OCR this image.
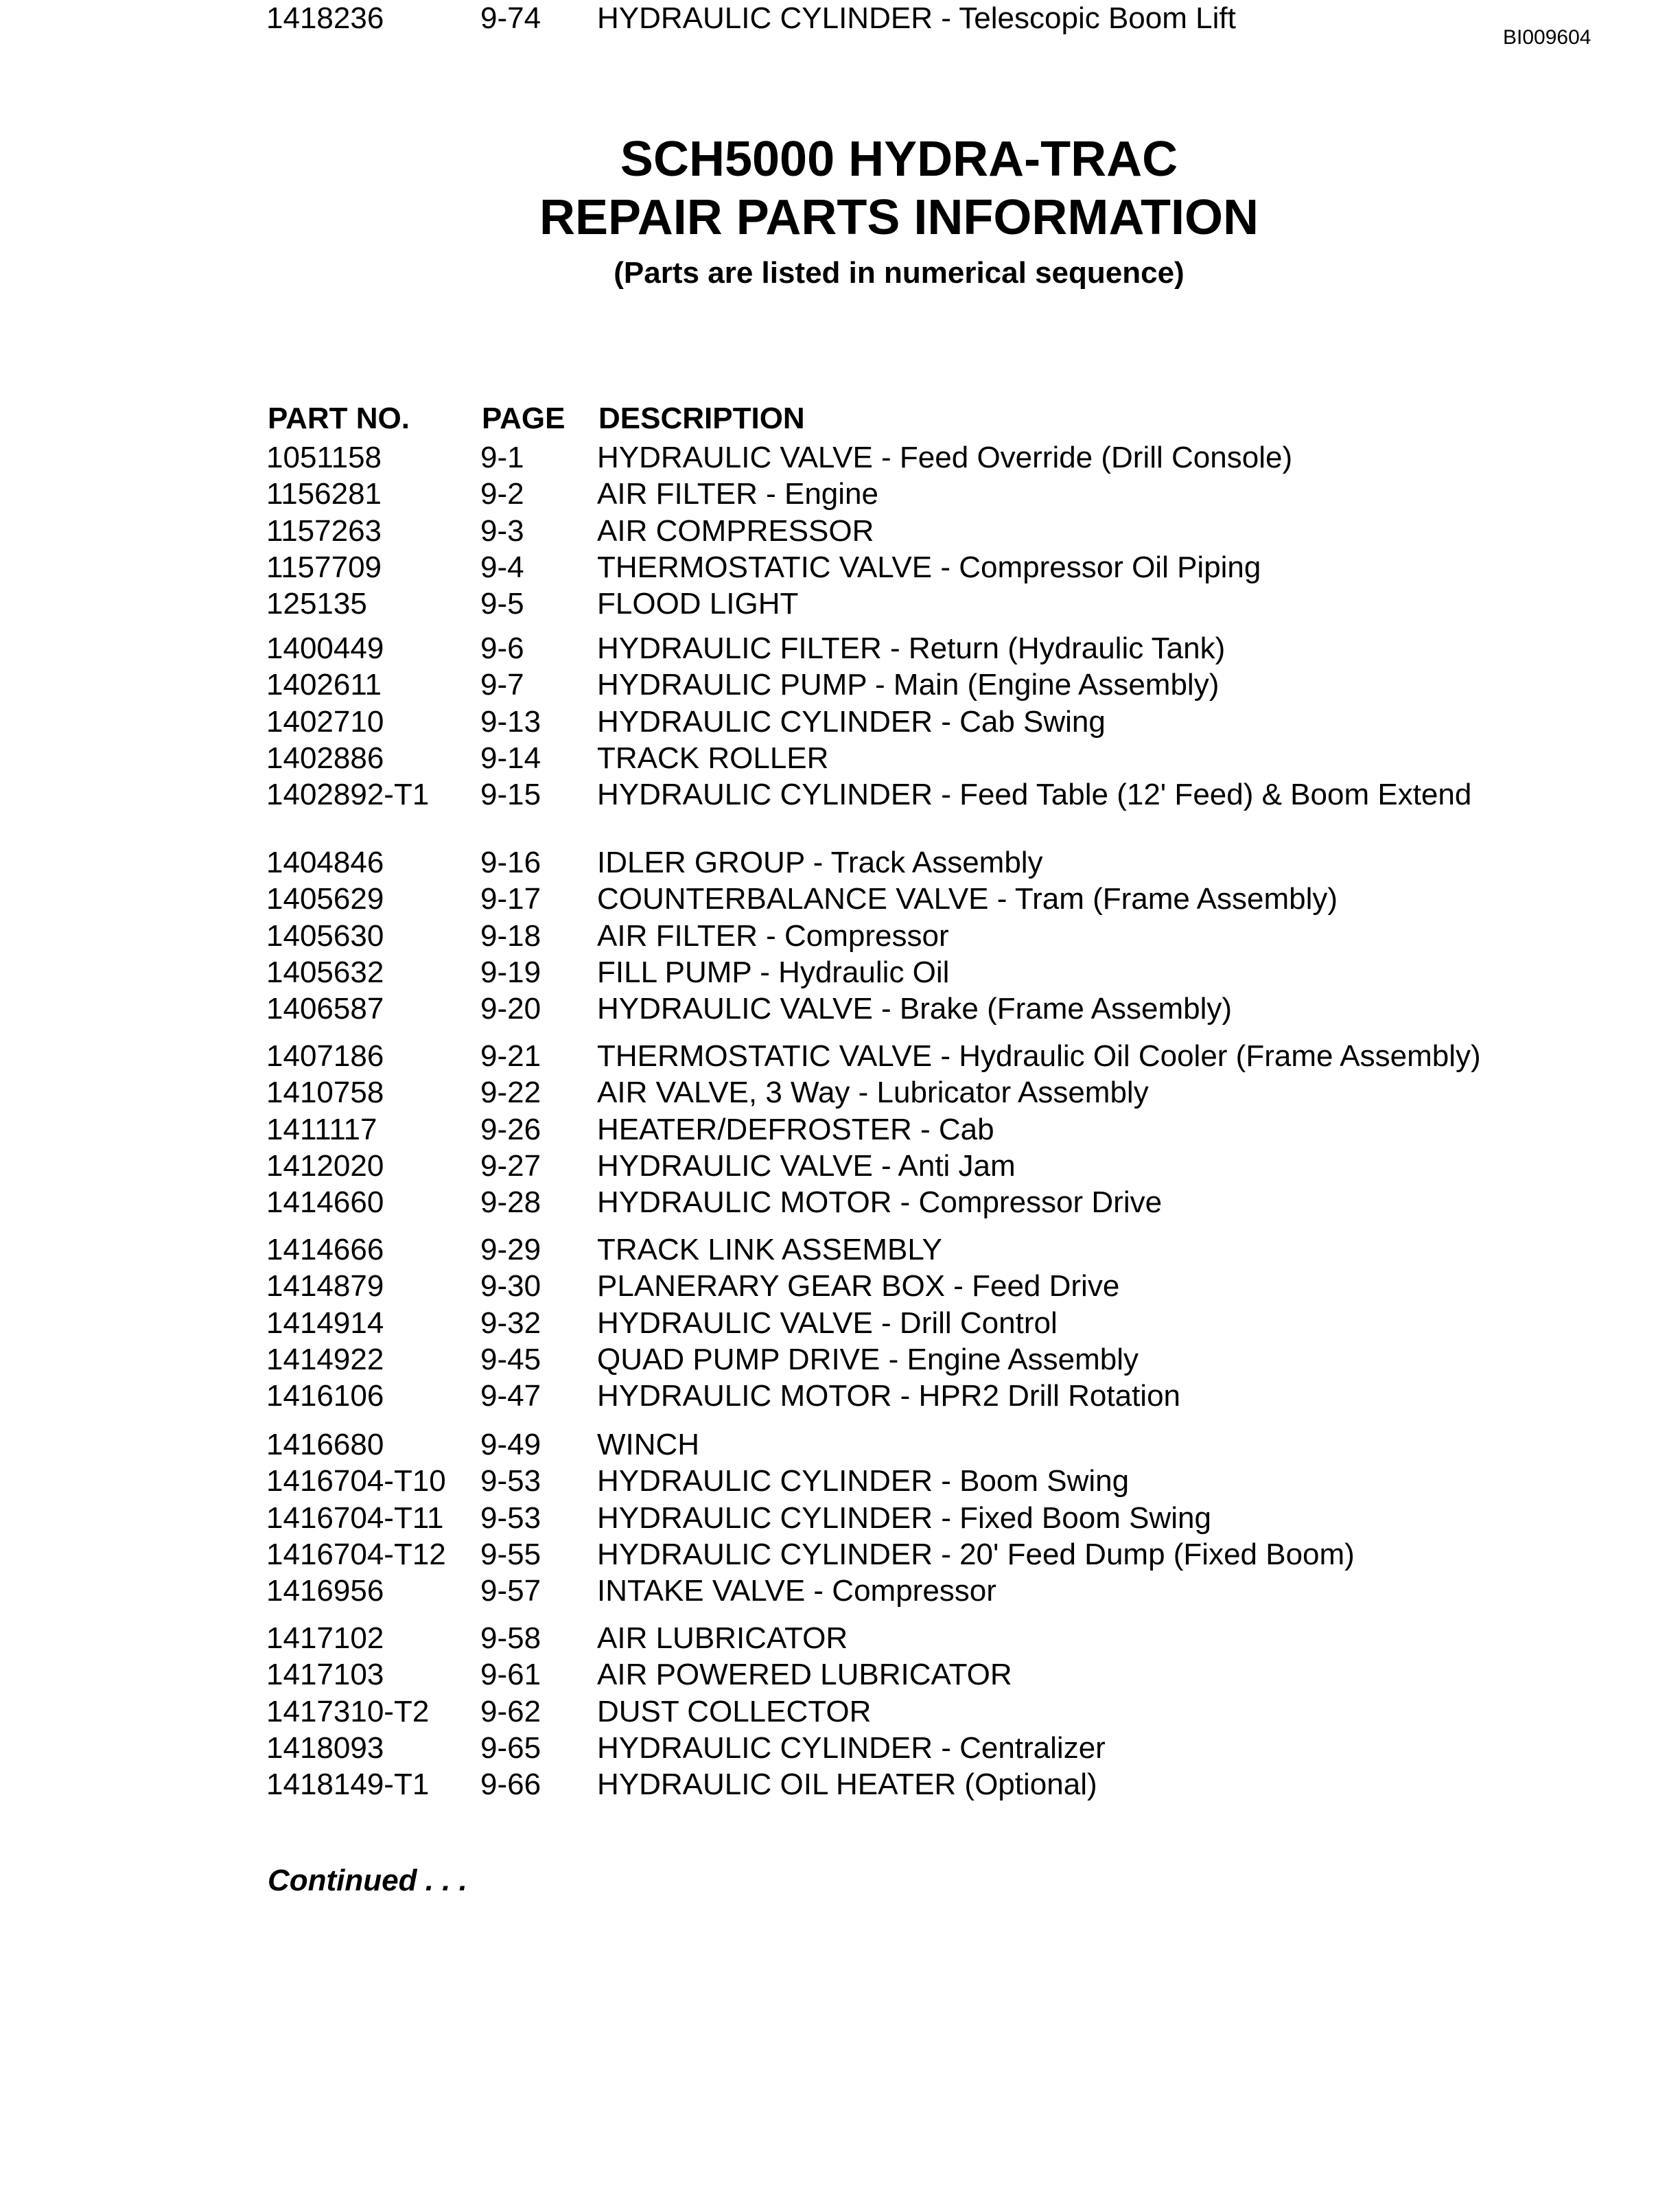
BI009604
SCH5000 HYDRA-TRAC
REPAIR PARTS INFORMATION
(Parts are listed in numerical sequence)
PART NO. PAGE DESCRIPTION
1051158	9-1 HYDRAULIC VALVE - Feed Override (Drill Console)
1156281	9-2 AIR FILTER - Engine
1157263	9-3 AIR COMPRESSOR
1157709	9-4 THERMOSTATIC VALVE - Compressor Oil Piping
125135	9-5 FLOOD LIGHT
1400449	9-6 HYDRAULIC FILTER - Return (Hydraulic Tank)
1402611	9-7 HYDRAULIC PUMP - Main (Engine Assembly)
1402710	9-13 HYDRAULIC CYLINDER - Cab Swing
1402886	9-14 TRACK ROLLER
1402892-T1 9-15 HYDRAULIC CYLINDER - Feed Table (12' Feed) & Boom Extend
1404846	9-16 IDLER GROUP - Track Assembly
1405629	9-17 COUNTERBALANCE VALVE - Tram (Frame Assembly)
1405630	9-18 AIR FILTER - Compressor
1405632	9-19 FILL PUMP - Hydraulic Oil
1406587	9-20 HYDRAULIC VALVE - Brake (Frame Assembly)
1407186	9-21 THERMOSTATIC VALVE - Hydraulic Oil Cooler (Frame Assembly)
1410758	9-22 AIR VALVE, 3 Way - Lubricator Assembly
1411117	9-26 HEATER/DEFROSTER - Cab
1412020	9-27 HYDRAULIC VALVE - Anti Jam
1414660	9-28 HYDRAULIC MOTOR - Compressor Drive
1414666	9-29 TRACK LINK ASSEMBLY
1414879	9-30 PLANERARY GEAR BOX - Feed Drive
1414914	9-32 HYDRAULIC VALVE - Drill Control
1414922	9-45 QUAD PUMP DRIVE - Engine Assembly
1416106	9-47 HYDRAULIC MOTOR - HPR2 Drill Rotation
1416680	9-49 WINCH
1416704-T10 9-53 HYDRAULIC CYLINDER - Boom Swing
1416704-T11 9-53 HYDRAULIC CYLINDER - Fixed Boom Swing
1416704-T12 9-55 HYDRAULIC CYLINDER - 20' Feed Dump (Fixed Boom)
1416956	9-57 INTAKE VALVE - Compressor
1417102	9-58 AIR LUBRICATOR
1417103	9-61 AIR POWERED LUBRICATOR
1417310-T2 9-62 DUST COLLECTOR
1418093	9-65 HYDRAULIC CYLINDER - Centralizer
1418149-T1 9-66 HYDRAULIC OIL HEATER (Optional)
1418236	9-74 HYDRAULIC CYLINDER - Telescopic Boom Lift
Continued . . .
